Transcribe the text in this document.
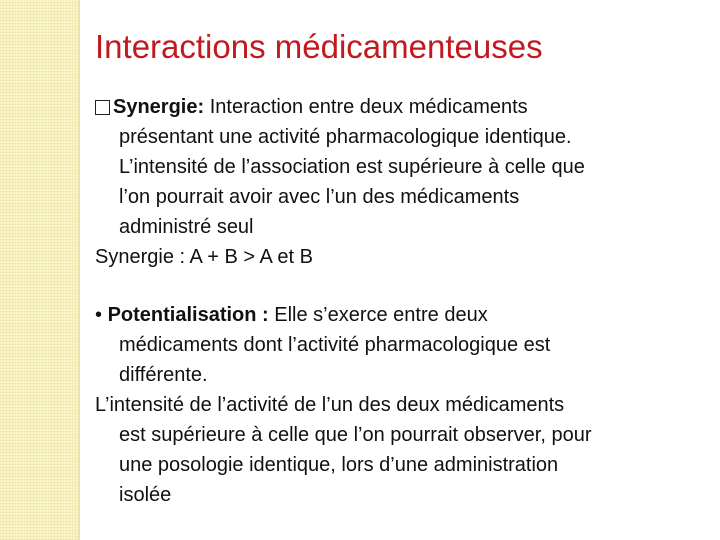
Interactions médicamenteuses
Synergie: Interaction entre deux médicaments
présentant une activité pharmacologique identique.
L’intensité de l’association est supérieure à celle que
l’on pourrait avoir avec l’un des médicaments
administré seul
Synergie : A + B > A et B
• Potentialisation : Elle s’exerce entre deux
médicaments dont l’activité pharmacologique est
différente.
L’intensité de l’activité de l’un des deux médicaments
est supérieure à celle que l’on pourrait observer, pour
une posologie identique, lors d’une administration
isolée
